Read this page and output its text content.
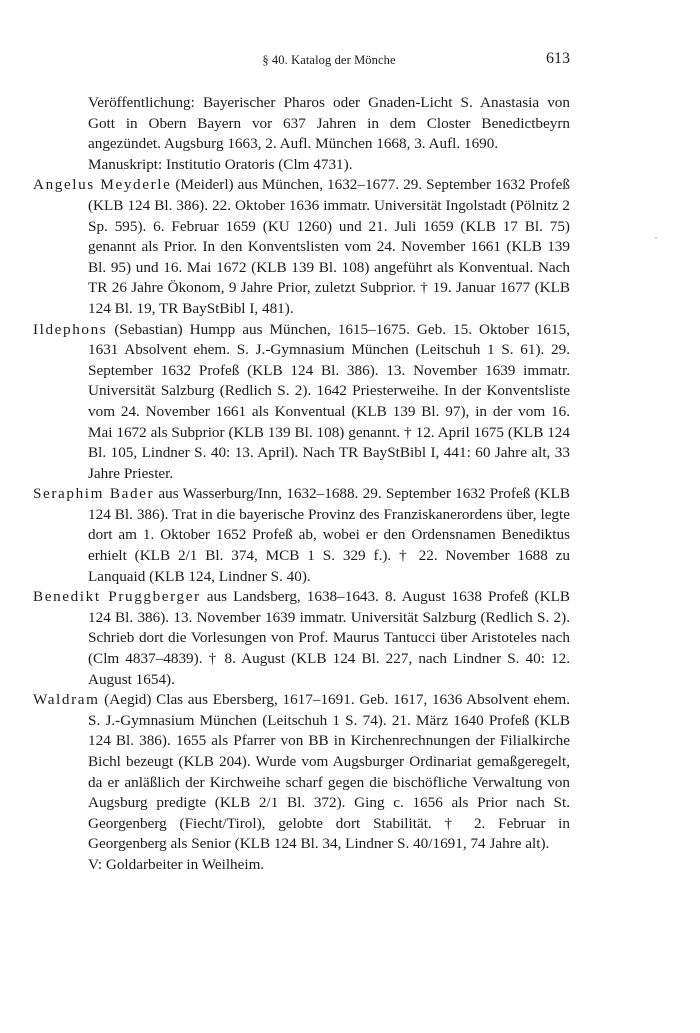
§ 40. Katalog der Mönche	613

Veröffentlichung: Bayerischer Pharos oder Gnaden-Licht S. Anastasia von Gott in Obern Bayern vor 637 Jahren in dem Closter Benedictbeyrn angezündet. Augsburg 1663, 2. Aufl. München 1668, 3. Aufl. 1690.

Manuskript: Institutio Oratoris (Clm 4731).

Angelus Meyderle (Meiderl) aus München, 1632–1677. 29. September 1632 Profeß (KLB 124 Bl. 386). 22. Oktober 1636 immatr. Universität Ingolstadt (Pölnitz 2 Sp. 595). 6. Februar 1659 (KU 1260) und 21. Juli 1659 (KLB 17 Bl. 75) genannt als Prior. In den Konventslisten vom 24. November 1661 (KLB 139 Bl. 95) und 16. Mai 1672 (KLB 139 Bl. 108) angeführt als Konventual. Nach TR 26 Jahre Ökonom, 9 Jahre Prior, zuletzt Subprior. † 19. Januar 1677 (KLB 124 Bl. 19, TR BayStBibl I, 481).

Ildephons (Sebastian) Humpp aus München, 1615–1675. Geb. 15. Oktober 1615, 1631 Absolvent ehem. S. J.-Gymnasium München (Leitschuh 1 S. 61). 29. September 1632 Profeß (KLB 124 Bl. 386). 13. November 1639 immatr. Universität Salzburg (Redlich S. 2). 1642 Priesterweihe. In der Konventsliste vom 24. November 1661 als Konventual (KLB 139 Bl. 97), in der vom 16. Mai 1672 als Subprior (KLB 139 Bl. 108) genannt. † 12. April 1675 (KLB 124 Bl. 105, Lindner S. 40: 13. April). Nach TR BayStBibl I, 441: 60 Jahre alt, 33 Jahre Priester.

Seraphim Bader aus Wasserburg/Inn, 1632–1688. 29. September 1632 Profeß (KLB 124 Bl. 386). Trat in die bayerische Provinz des Franziskanerordens über, legte dort am 1. Oktober 1652 Profeß ab, wobei er den Ordensnamen Benediktus erhielt (KLB 2/1 Bl. 374, MCB 1 S. 329 f.). † 22. November 1688 zu Lanquaid (KLB 124, Lindner S. 40).

Benedikt Pruggberger aus Landsberg, 1638–1643. 8. August 1638 Profeß (KLB 124 Bl. 386). 13. November 1639 immatr. Universität Salzburg (Redlich S. 2). Schrieb dort die Vorlesungen von Prof. Maurus Tantucci über Aristoteles nach (Clm 4837–4839). † 8. August (KLB 124 Bl. 227, nach Lindner S. 40: 12. August 1654).

Waldram (Aegid) Clas aus Ebersberg, 1617–1691. Geb. 1617, 1636 Absolvent ehem. S. J.-Gymnasium München (Leitschuh 1 S. 74). 21. März 1640 Profeß (KLB 124 Bl. 386). 1655 als Pfarrer von BB in Kirchenrechnungen der Filialkirche Bichl bezeugt (KLB 204). Wurde vom Augsburger Ordinariat gemaßgeregelt, da er anläßlich der Kirchweihe scharf gegen die bischöfliche Verwaltung von Augsburg predigte (KLB 2/1 Bl. 372). Ging c. 1656 als Prior nach St. Georgenberg (Fiecht/Tirol), gelobte dort Stabilität. † 2. Februar in Georgenberg als Senior (KLB 124 Bl. 34, Lindner S. 40/1691, 74 Jahre alt).

V: Goldarbeiter in Weilheim.
